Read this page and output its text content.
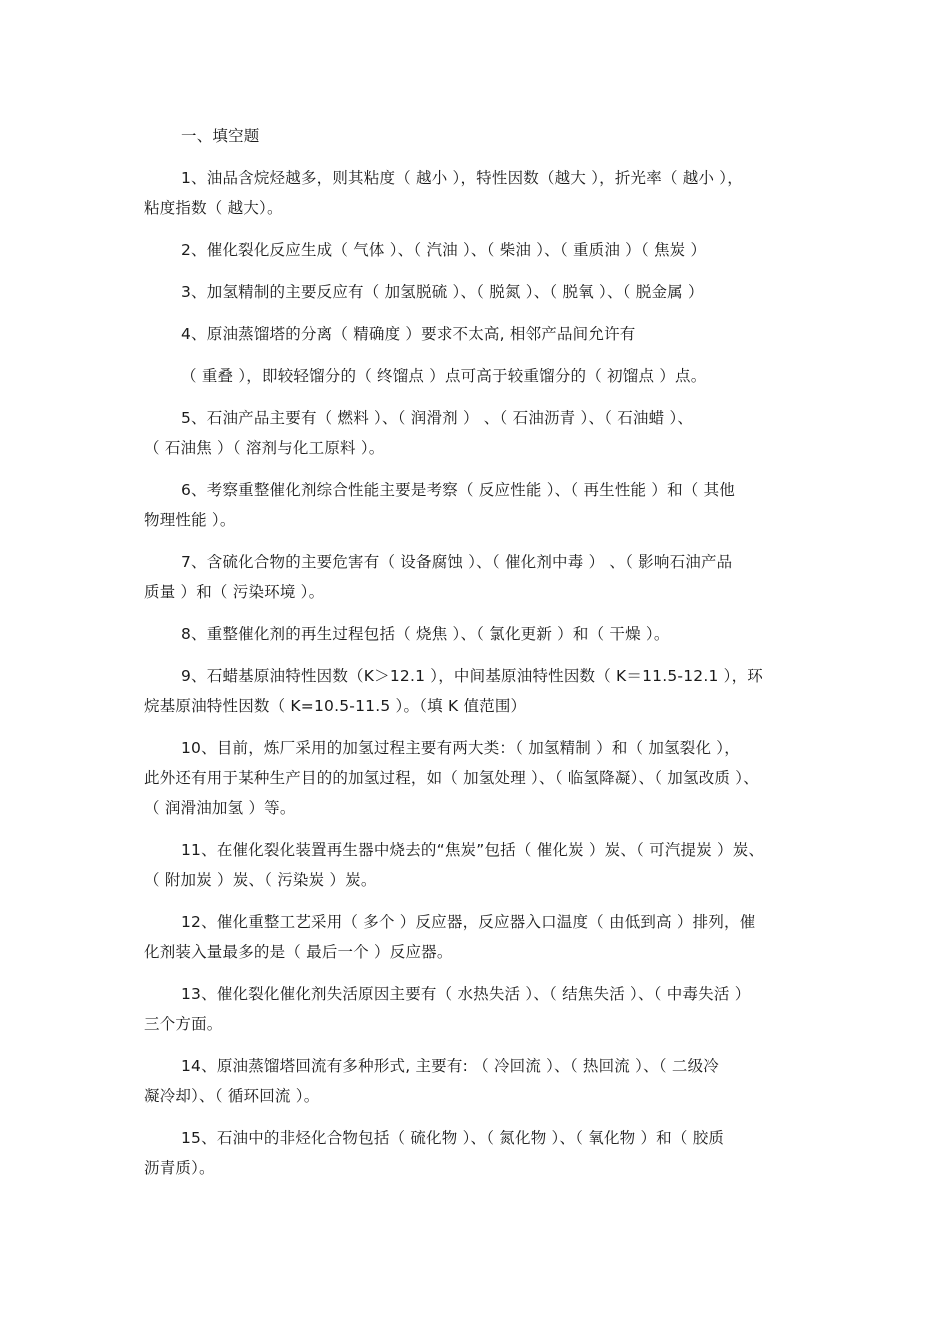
一、填空题
1、油品含烷烃越多，则其粘度（ 越小 ），特性因数（越大 ），折光率（ 越小 ），
粘度指数（ 越大）。
2、催化裂化反应生成（ 气体 ）、（ 汽油 ）、（ 柴油 ）、（ 重质油 ）（ 焦炭 ）
3、加氢精制的主要反应有（ 加氢脱硫 ）、（ 脱氮 ）、（ 脱氧 ）、（ 脱金属 ）
4、原油蒸馏塔的分离（ 精确度 ）要求不太高, 相邻产品间允许有
（ 重叠 ），即较轻馏分的（ 终馏点 ）点可高于较重馏分的（ 初馏点 ）点。
5、石油产品主要有（ 燃料 ）、（ 润滑剂 ） 、（ 石油沥青 ）、（ 石油蜡 ）、
（ 石油焦 ）（ 溶剂与化工原料 ）。
6、考察重整催化剂综合性能主要是考察（ 反应性能 ）、（ 再生性能 ）和（ 其他
物理性能 ）。
7、含硫化合物的主要危害有（ 设备腐蚀 ）、（ 催化剂中毒 ） 、（ 影响石油产品
质量 ）和（ 污染环境 ）。
8、重整催化剂的再生过程包括（ 烧焦 ）、（ 氯化更新 ）和（ 干燥 ）。
9、石蜡基原油特性因数（K＞12.1 ），中间基原油特性因数（ K＝11.5-12.1 ），环
烷基原油特性因数（ K=10.5-11.5 ）。（填 K 值范围）
10、目前，炼厂采用的加氢过程主要有两大类：（ 加氢精制 ）和（ 加氢裂化 ），
此外还有用于某种生产目的的加氢过程，如（ 加氢处理 ）、（ 临氢降凝）、（ 加氢改质 ）、
（ 润滑油加氢 ）等。
11、在催化裂化装置再生器中烧去的“焦炭”包括（ 催化炭 ）炭、（ 可汽提炭 ）炭、
（ 附加炭 ）炭、（ 污染炭 ）炭。
12、催化重整工艺采用（ 多个 ）反应器，反应器入口温度（ 由低到高 ）排列，催
化剂装入量最多的是（ 最后一个 ）反应器。
13、催化裂化催化剂失活原因主要有（ 水热失活 ）、（ 结焦失活 ）、（ 中毒失活 ）
三个方面。
14、原油蒸馏塔回流有多种形式, 主要有: （ 冷回流 ）、（ 热回流 ）、（ 二级冷
凝冷却）、（ 循环回流 ）。
15、石油中的非烃化合物包括（ 硫化物 ）、（ 氮化物 ）、（ 氧化物 ）和（ 胶质
沥青质）。
